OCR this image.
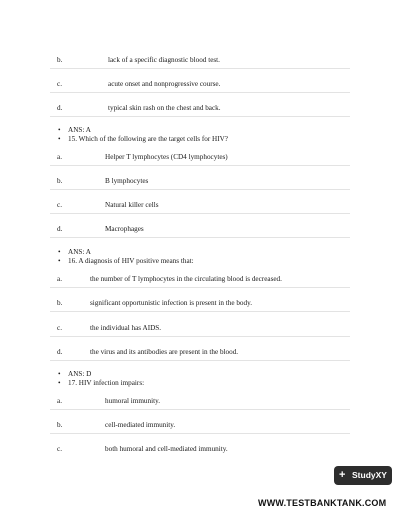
b.	lack of a specific diagnostic blood test.
c.	acute onset and nonprogressive course.
d.	typical skin rash on the chest and back.
• ANS: A
• 15. Which of the following are the target cells for HIV?
a.	Helper T lymphocytes (CD4 lymphocytes)
b.	B lymphocytes
c.	Natural killer cells
d.	Macrophages
• ANS: A
• 16. A diagnosis of HIV positive means that:
a.	the number of T lymphocytes in the circulating blood is decreased.
b.	significant opportunistic infection is present in the body.
c.	the individual has AIDS.
d.	the virus and its antibodies are present in the blood.
• ANS: D
• 17. HIV infection impairs:
a.	humoral immunity.
b.	cell-mediated immunity.
c.	both humoral and cell-mediated immunity.
+ StudyXY
WWW.TESTBANKTANK.COM
